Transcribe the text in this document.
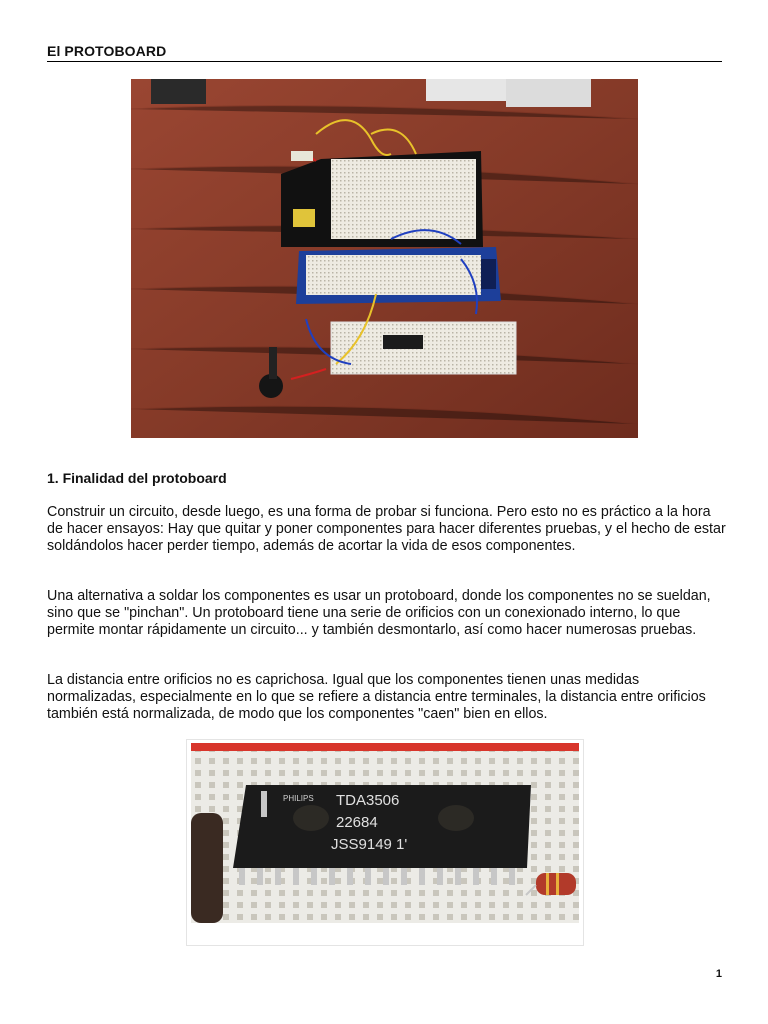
El PROTOBOARD
1. Finalidad del protoboard

Construir un circuito, desde luego, es una forma de probar si funciona. Pero esto no es práctico a la hora de hacer ensayos: Hay que quitar y poner componentes para hacer diferentes pruebas, y el hecho de estar soldándolos hacer perder tiempo, además de acortar la vida de esos componentes.

Una alternativa a soldar los componentes es usar un protoboard, donde los componentes no se sueldan, sino que se "pinchan". Un protoboard tiene una serie de orificios con un conexionado interno, lo que permite montar rápidamente un circuito... y también desmontarlo, así como hacer numerosas pruebas.

La distancia entre orificios no es caprichosa. Igual que los componentes tienen unas medidas normalizadas, especialmente en lo que se refiere a distancia entre terminales, la distancia entre orificios también está normalizada, de modo que los componentes "caen" bien en ellos.

PHILIPS TDA3506
22684
JSS9149 1'
1
